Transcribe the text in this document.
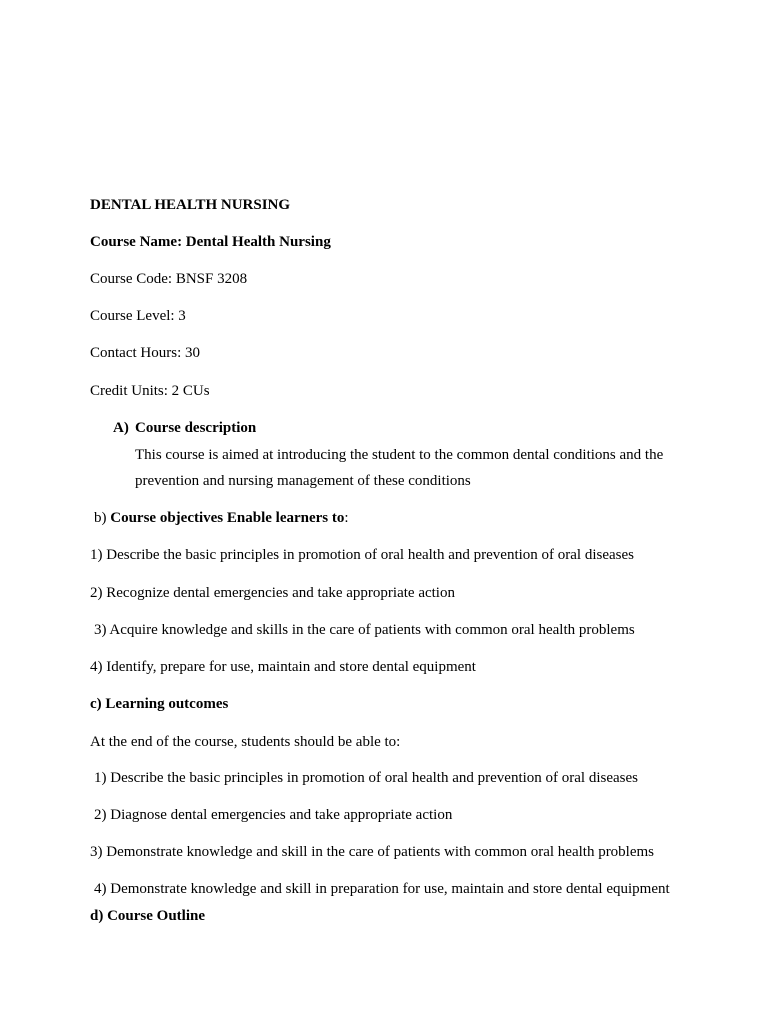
DENTAL HEALTH NURSING

Course Name: Dental Health Nursing

Course Code: BNSF 3208

Course Level: 3

Contact Hours: 30

Credit Units: 2 CUs

A) Course description

This course is aimed at introducing the student to the common dental conditions and the

prevention and nursing management of these conditions

b) Course objectives Enable learners to:

1) Describe the basic principles in promotion of oral health and prevention of oral diseases

2) Recognize dental emergencies and take appropriate action

3) Acquire knowledge and skills in the care of patients with common oral health problems

4) Identify, prepare for use, maintain and store dental equipment

c) Learning outcomes

At the end of the course, students should be able to:

1) Describe the basic principles in promotion of oral health and prevention of oral diseases

2) Diagnose dental emergencies and take appropriate action

3) Demonstrate knowledge and skill in the care of patients with common oral health problems

4) Demonstrate knowledge and skill in preparation for use, maintain and store dental equipment

d) Course Outline
